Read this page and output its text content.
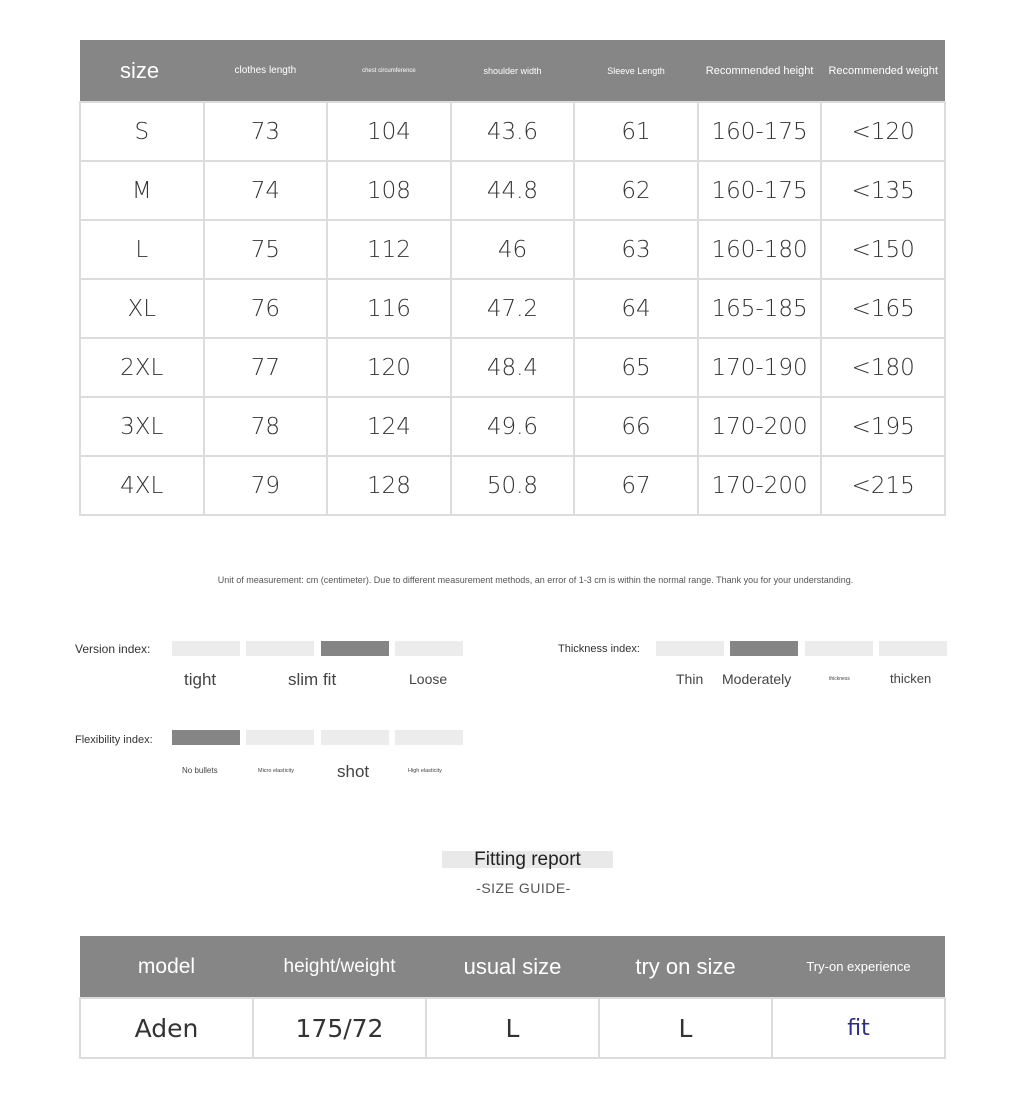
size	clothes length	chest circumference	shoulder width	Sleeve Length	Recommended height	Recommended weight
S	73	104	43.6	61	160-175	<120
M	74	108	44.8	62	160-175	<135
L	75	112	46	63	160-180	<150
XL	76	116	47.2	64	165-185	<165
2XL	77	120	48.4	65	170-190	<180
3XL	78	124	49.6	66	170-200	<195
4XL	79	128	50.8	67	170-200	<215
Unit of measurement: cm (centimeter). Due to different measurement methods, an error of 1-3 cm is within the normal range. Thank you for your understanding.
Version index:
tight	slim fit	Loose
Thickness index:
Thin Moderately	thickness	thicken
Flexibility index:
No bullets	Micro elasticity	shot	High elasticity
Fitting report
-SIZE GUIDE-
model	height/weight	usual size	try on size	Try-on experience
Aden	175/72	L	L	fit
